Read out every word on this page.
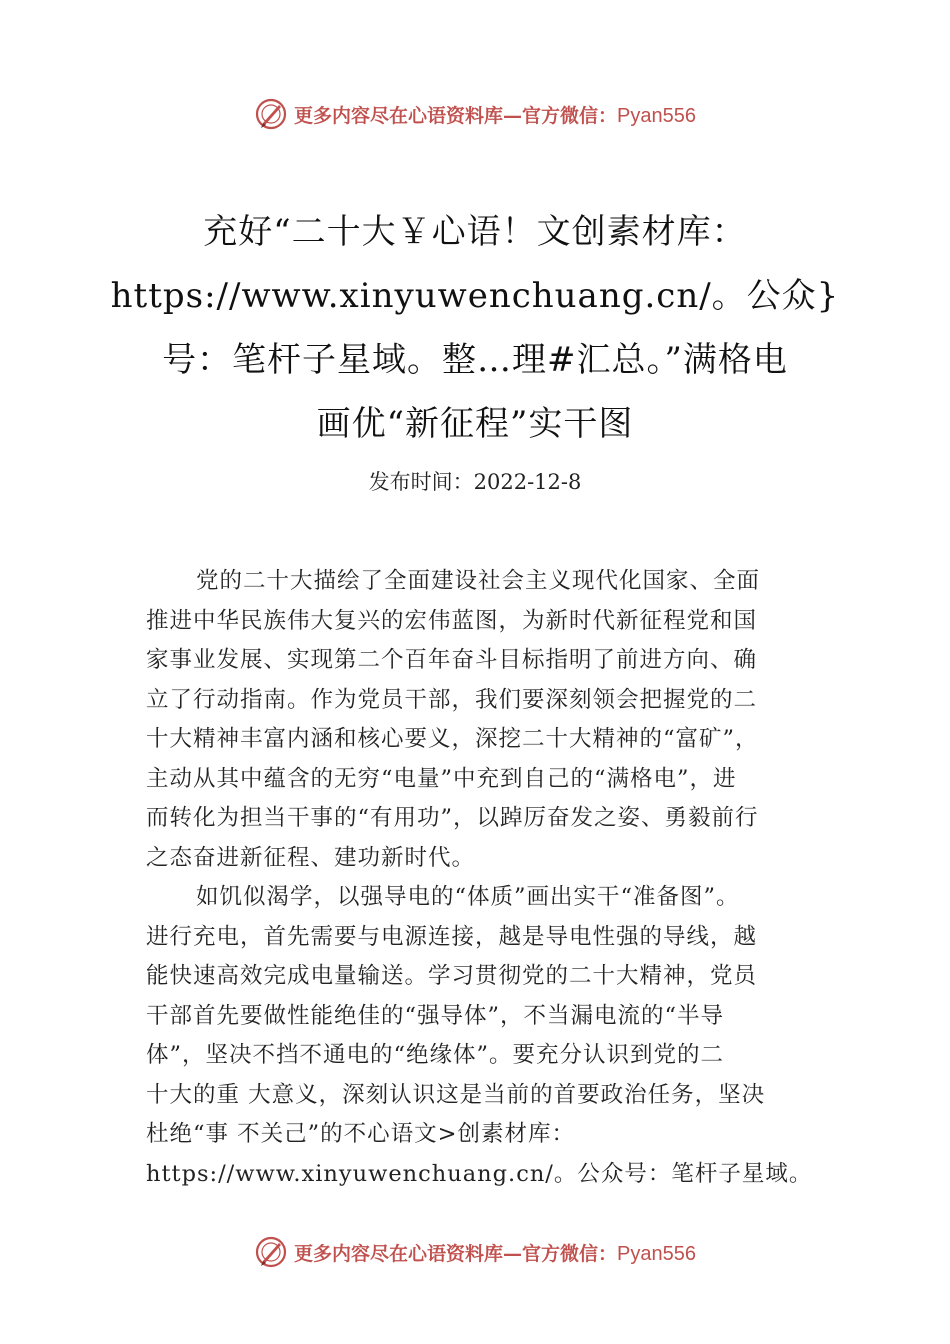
更多内容尽在心语资料库—官方微信：Pyan556
充好“二十大￥心语！文创素材库：
https://www.xinyuwenchuang.cn/。公众}
号：笔杆子星域。整…理#汇总。”满格电
画优“新征程”实干图
发布时间：2022-12-8
党的二十大描绘了全面建设社会主义现代化国家、全面
推进中华民族伟大复兴的宏伟蓝图，为新时代新征程党和国
家事业发展、实现第二个百年奋斗目标指明了前进方向、确
立了行动指南。作为党员干部，我们要深刻领会把握党的二
十大精神丰富内涵和核心要义，深挖二十大精神的“富矿”，
主动从其中蕴含的无穷“电量”中充到自己的“满格电”，进
而转化为担当干事的“有用功”，以踔厉奋发之姿、勇毅前行
之态奋进新征程、建功新时代。
如饥似渴学，以强导电的“体质”画出实干“准备图”。
进行充电，首先需要与电源连接，越是导电性强的导线，越
能快速高效完成电量输送。学习贯彻党的二十大精神，党员
干部首先要做性能绝佳的“强导体”，不当漏电流的“半导
体”，坚决不挡不通电的“绝缘体”。要充分认识到党的二
十大的重 大意义，深刻认识这是当前的首要政治任务，坚决
杜绝“事 不关己”的不心语文>创素材库：
https://www.xinyuwenchuang.cn/。公众号：笔杆子星域。
更多内容尽在心语资料库—官方微信：Pyan556
